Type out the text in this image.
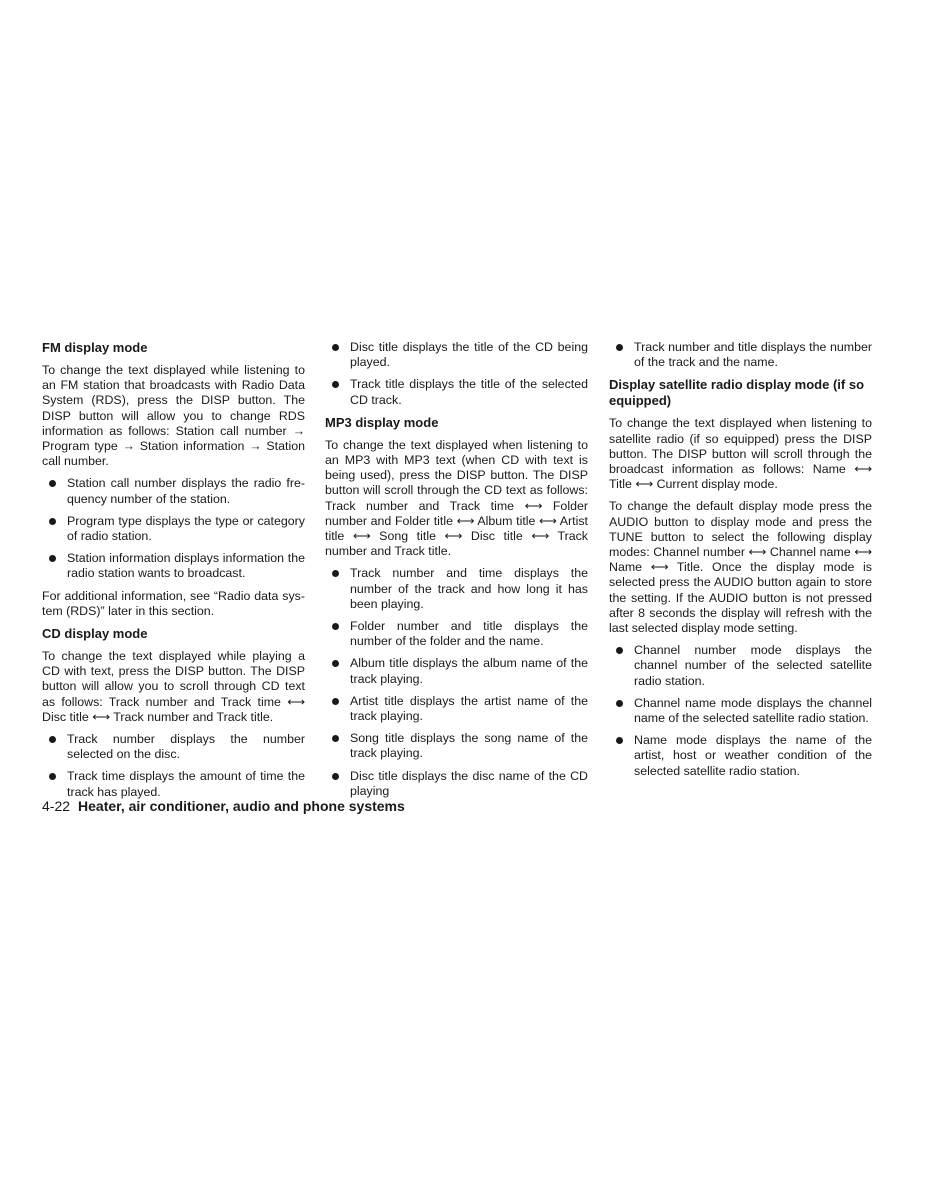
FM display mode

To change the text displayed while listening to an FM station that broadcasts with Radio Data System (RDS), press the DISP button. The DISP button will allow you to change RDS information as follows: Station call number → Program type → Station information → Station call number.

Station call number displays the radio frequency number of the station.
Program type displays the type or category of radio station.
Station information displays information the radio station wants to broadcast.

For additional information, see “Radio data system (RDS)” later in this section.

CD display mode

To change the text displayed while playing a CD with text, press the DISP button. The DISP button will allow you to scroll through CD text as follows: Track number and Track time ⟷ Disc title ⟷ Track number and Track title.

Track number displays the number selected on the disc.
Track time displays the amount of time the track has played.
Disc title displays the title of the CD being played.
Track title displays the title of the selected CD track.
MP3 display mode

To change the text displayed when listening to an MP3 with MP3 text (when CD with text is being used), press the DISP button. The DISP button will scroll through the CD text as follows: Track number and Track time ⟷ Folder number and Folder title ⟷ Album title ⟷ Artist title ⟷ Song title ⟷ Disc title ⟷ Track number and Track title.

Track number and time displays the number of the track and how long it has been playing.
Folder number and title displays the number of the folder and the name.
Album title displays the album name of the track playing.
Artist title displays the artist name of the track playing.
Song title displays the song name of the track playing.
Disc title displays the disc name of the CD playing
Track number and title displays the number of the track and the name.
Display satellite radio display mode (if so equipped)

To change the text displayed when listening to satellite radio (if so equipped) press the DISP button. The DISP button will scroll through the broadcast information as follows: Name ⟷ Title ⟷ Current display mode.

To change the default display mode press the AUDIO button to display mode and press the TUNE button to select the following display modes: Channel number ⟷ Channel name ⟷ Name ⟷ Title. Once the display mode is selected press the AUDIO button again to store the setting. If the AUDIO button is not pressed after 8 seconds the display will refresh with the last selected display mode setting.

Channel number mode displays the channel number of the selected satellite radio station.
Channel name mode displays the channel name of the selected satellite radio station.
Name mode displays the name of the artist, host or weather condition of the selected satellite radio station.
4-22 Heater, air conditioner, audio and phone systems
